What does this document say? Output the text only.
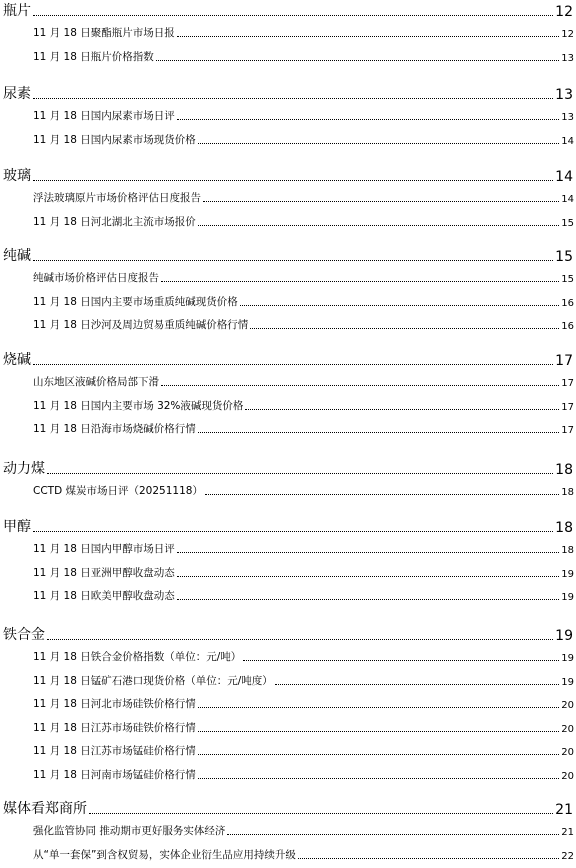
瓶片	12
11 月 18 日聚酯瓶片市场日报	12
11 月 18 日瓶片价格指数	13
尿素	13
11 月 18 日国内尿素市场日评	13
11 月 18 日国内尿素市场现货价格	14
玻璃	14
浮法玻璃原片市场价格评估日度报告	14
11 月 18 日河北湖北主流市场报价	15
纯碱	15
纯碱市场价格评估日度报告	15
11 月 18 日国内主要市场重质纯碱现货价格	16
11 月 18 日沙河及周边贸易重质纯碱价格行情	16
烧碱	17
山东地区液碱价格局部下滑	17
11 月 18 日国内主要市场 32%液碱现货价格	17
11 月 18 日沿海市场烧碱价格行情	17
动力煤	18
CCTD 煤炭市场日评（20251118）	18
甲醇	18
11 月 18 日国内甲醇市场日评	18
11 月 18 日亚洲甲醇收盘动态	19
11 月 18 日欧美甲醇收盘动态	19
铁合金	19
11 月 18 日铁合金价格指数（单位：元/吨）	19
11 月 18 日锰矿石港口现货价格（单位：元/吨度）	19
11 月 18 日河北市场硅铁价格行情	20
11 月 18 日江苏市场硅铁价格行情	20
11 月 18 日江苏市场锰硅价格行情	20
11 月 18 日河南市场锰硅价格行情	20
媒体看郑商所	21
强化监管协同 推动期市更好服务实体经济	21
从“单一套保”到含权贸易，实体企业衍生品应用持续升级	22
